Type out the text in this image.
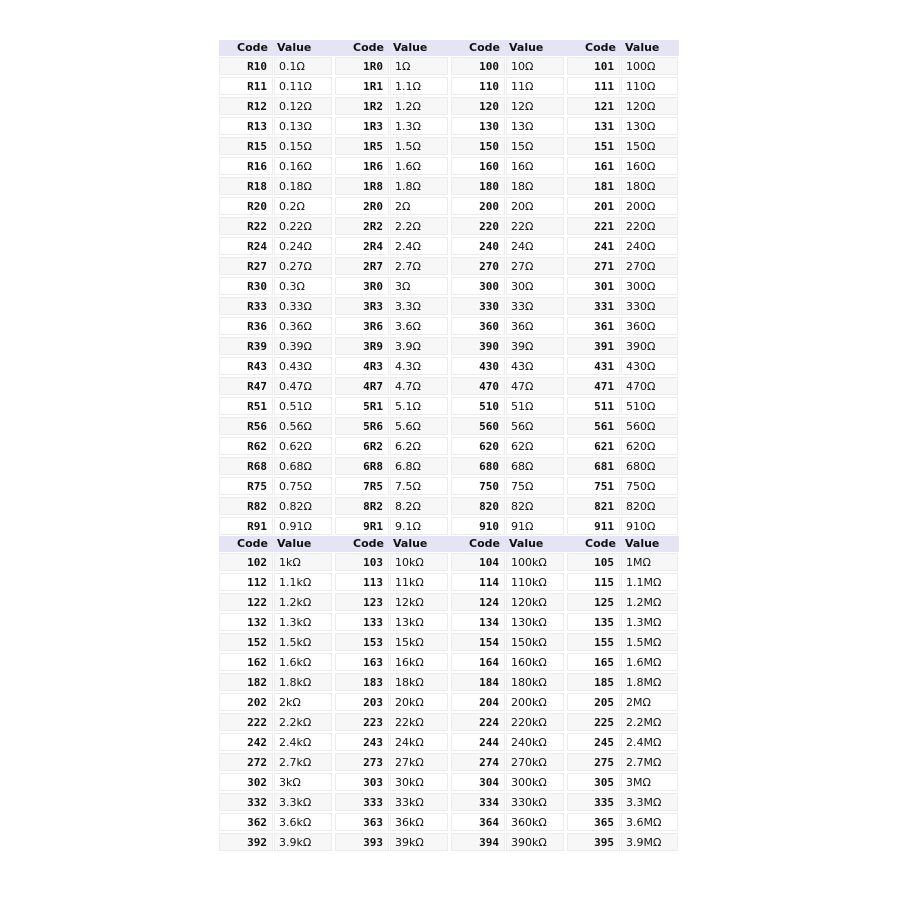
Code Value	Code Value	Code Value	Code Value
R10	0.1Ω	1R0	1Ω	100	10Ω	101	100Ω
R11	0.11Ω	1R1	1.1Ω	110	11Ω	111	110Ω
R12	0.12Ω	1R2	1.2Ω	120	12Ω	121	120Ω
R13	0.13Ω	1R3	1.3Ω	130	13Ω	131	130Ω
R15	0.15Ω	1R5	1.5Ω	150	15Ω	151	150Ω
R16	0.16Ω	1R6	1.6Ω	160	16Ω	161	160Ω
R18	0.18Ω	1R8	1.8Ω	180	18Ω	181	180Ω
R20	0.2Ω	2R0	2Ω	200	20Ω	201	200Ω
R22	0.22Ω	2R2	2.2Ω	220	22Ω	221	220Ω
R24	0.24Ω	2R4	2.4Ω	240	24Ω	241	240Ω
R27	0.27Ω	2R7	2.7Ω	270	27Ω	271	270Ω
R30	0.3Ω	3R0	3Ω	300	30Ω	301	300Ω
R33	0.33Ω	3R3	3.3Ω	330	33Ω	331	330Ω
R36	0.36Ω	3R6	3.6Ω	360	36Ω	361	360Ω
R39	0.39Ω	3R9	3.9Ω	390	39Ω	391	390Ω
R43	0.43Ω	4R3	4.3Ω	430	43Ω	431	430Ω
R47	0.47Ω	4R7	4.7Ω	470	47Ω	471	470Ω
R51	0.51Ω	5R1	5.1Ω	510	51Ω	511	510Ω
R56	0.56Ω	5R6	5.6Ω	560	56Ω	561	560Ω
R62	0.62Ω	6R2	6.2Ω	620	62Ω	621	620Ω
R68	0.68Ω	6R8	6.8Ω	680	68Ω	681	680Ω
R75	0.75Ω	7R5	7.5Ω	750	75Ω	751	750Ω
R82	0.82Ω	8R2	8.2Ω	820	82Ω	821	820Ω
R91	0.91Ω	9R1	9.1Ω	910	91Ω	911	910Ω
Code Value	Code Value	Code Value	Code Value
102	1kΩ	103	10kΩ	104	100kΩ	105	1MΩ
112	1.1kΩ	113	11kΩ	114	110kΩ	115	1.1MΩ
122	1.2kΩ	123	12kΩ	124	120kΩ	125	1.2MΩ
132	1.3kΩ	133	13kΩ	134	130kΩ	135	1.3MΩ
152	1.5kΩ	153	15kΩ	154	150kΩ	155	1.5MΩ
162	1.6kΩ	163	16kΩ	164	160kΩ	165	1.6MΩ
182	1.8kΩ	183	18kΩ	184	180kΩ	185	1.8MΩ
202	2kΩ	203	20kΩ	204	200kΩ	205	2MΩ
222	2.2kΩ	223	22kΩ	224	220kΩ	225	2.2MΩ
242	2.4kΩ	243	24kΩ	244	240kΩ	245	2.4MΩ
272	2.7kΩ	273	27kΩ	274	270kΩ	275	2.7MΩ
302	3kΩ	303	30kΩ	304	300kΩ	305	3MΩ
332	3.3kΩ	333	33kΩ	334	330kΩ	335	3.3MΩ
362	3.6kΩ	363	36kΩ	364	360kΩ	365	3.6MΩ
392	3.9kΩ	393	39kΩ	394	390kΩ	395	3.9MΩ
